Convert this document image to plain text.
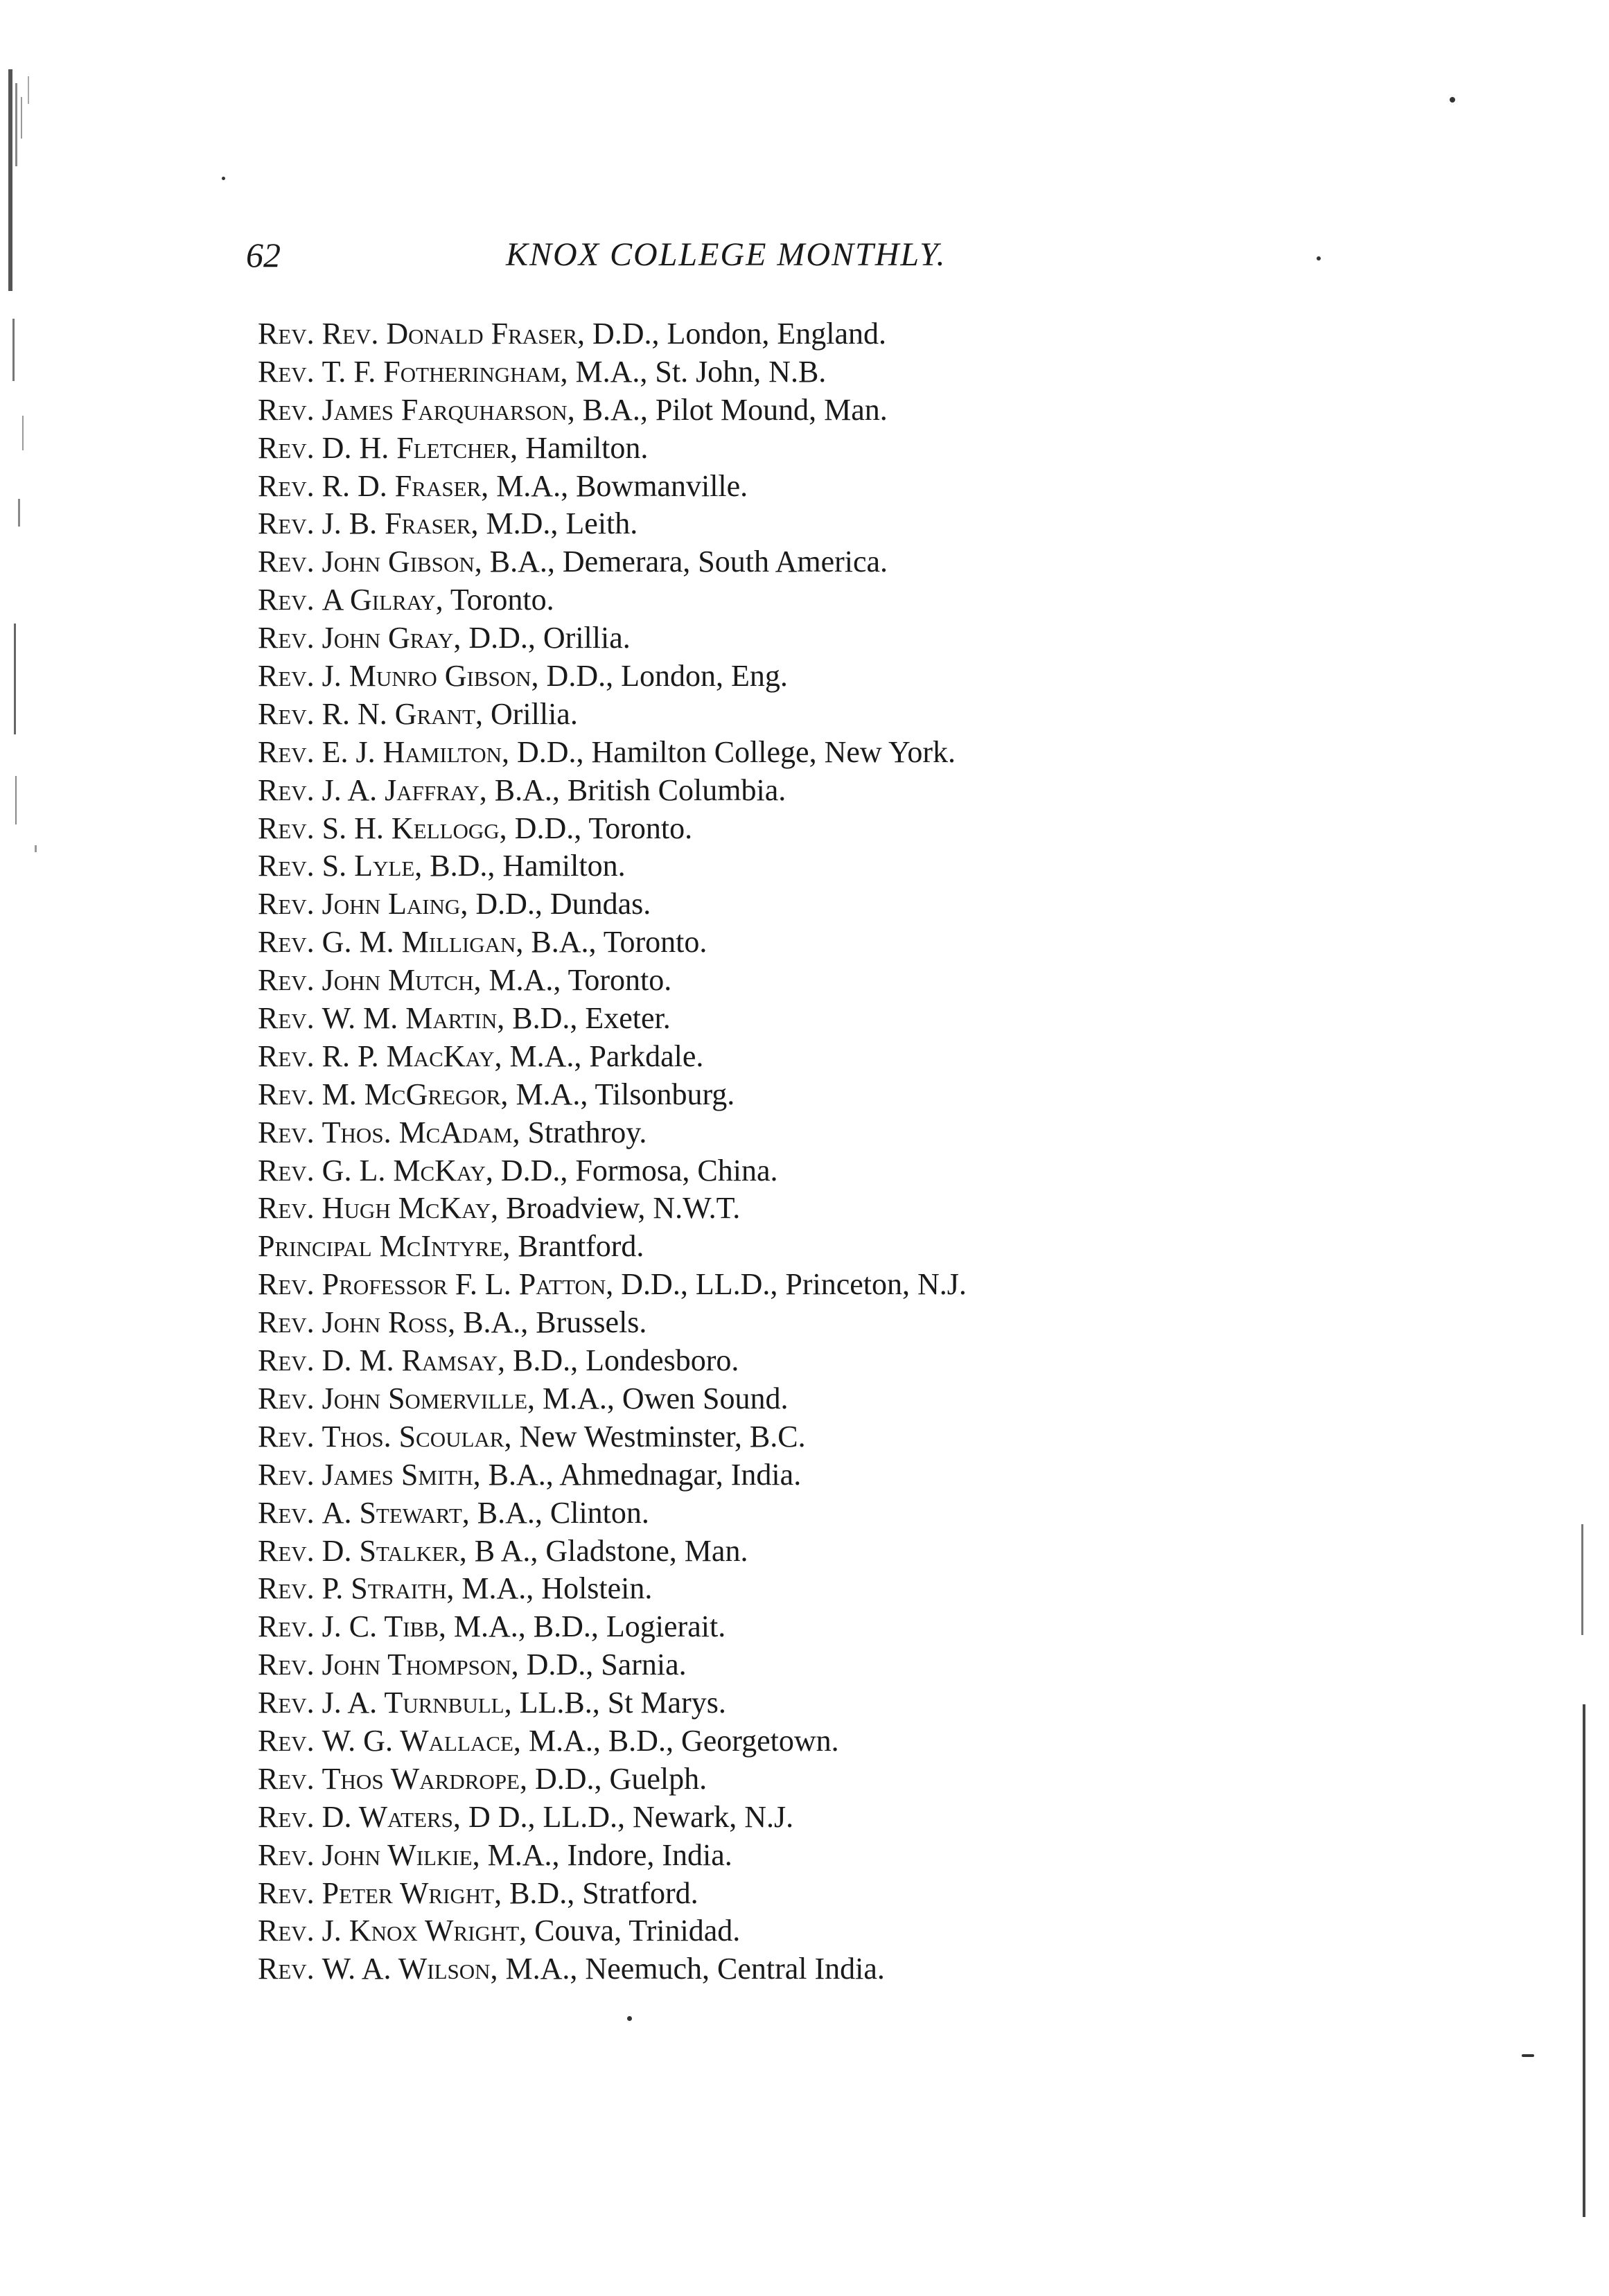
62	KNOX COLLEGE MONTHLY.
Rev. Rev. Donald Fraser, D.D., London, England.
Rev. T. F. Fotheringham, M.A., St. John, N.B.
Rev. James Farquharson, B.A., Pilot Mound, Man.
Rev. D. H. Fletcher, Hamilton.
Rev. R. D. Fraser, M.A., Bowmanville.
Rev. J. B. Fraser, M.D., Leith.
Rev. John Gibson, B.A., Demerara, South America.
Rev. A Gilray, Toronto.
Rev. John Gray, D.D., Orillia.
Rev. J. Munro Gibson, D.D., London, Eng.
Rev. R. N. Grant, Orillia.
Rev. E. J. Hamilton, D.D., Hamilton College, New York.
Rev. J. A. Jaffray, B.A., British Columbia.
Rev. S. H. Kellogg, D.D., Toronto.
Rev. S. Lyle, B.D., Hamilton.
Rev. John Laing, D.D., Dundas.
Rev. G. M. Milligan, B.A., Toronto.
Rev. John Mutch, M.A., Toronto.
Rev. W. M. Martin, B.D., Exeter.
Rev. R. P. MacKay, M.A., Parkdale.
Rev. M. McGregor, M.A., Tilsonburg.
Rev. Thos. McAdam, Strathroy.
Rev. G. L. McKay, D.D., Formosa, China.
Rev. Hugh McKay, Broadview, N.W.T.
Principal McIntyre, Brantford.
Rev. Professor F. L. Patton, D.D., LL.D., Princeton, N.J.
Rev. John Ross, B.A., Brussels.
Rev. D. M. Ramsay, B.D., Londesboro.
Rev. John Somerville, M.A., Owen Sound.
Rev. Thos. Scoular, New Westminster, B.C.
Rev. James Smith, B.A., Ahmednagar, India.
Rev. A. Stewart, B.A., Clinton.
Rev. D. Stalker, B A., Gladstone, Man.
Rev. P. Straith, M.A., Holstein.
Rev. J. C. Tibb, M.A., B.D., Logierait.
Rev. John Thompson, D.D., Sarnia.
Rev. J. A. Turnbull, LL.B., St Marys.
Rev. W. G. Wallace, M.A., B.D., Georgetown.
Rev. Thos Wardrope, D.D., Guelph.
Rev. D. Waters, D D., LL.D., Newark, N.J.
Rev. John Wilkie, M.A., Indore, India.
Rev. Peter Wright, B.D., Stratford.
Rev. J. Knox Wright, Couva, Trinidad.
Rev. W. A. Wilson, M.A., Neemuch, Central India.
